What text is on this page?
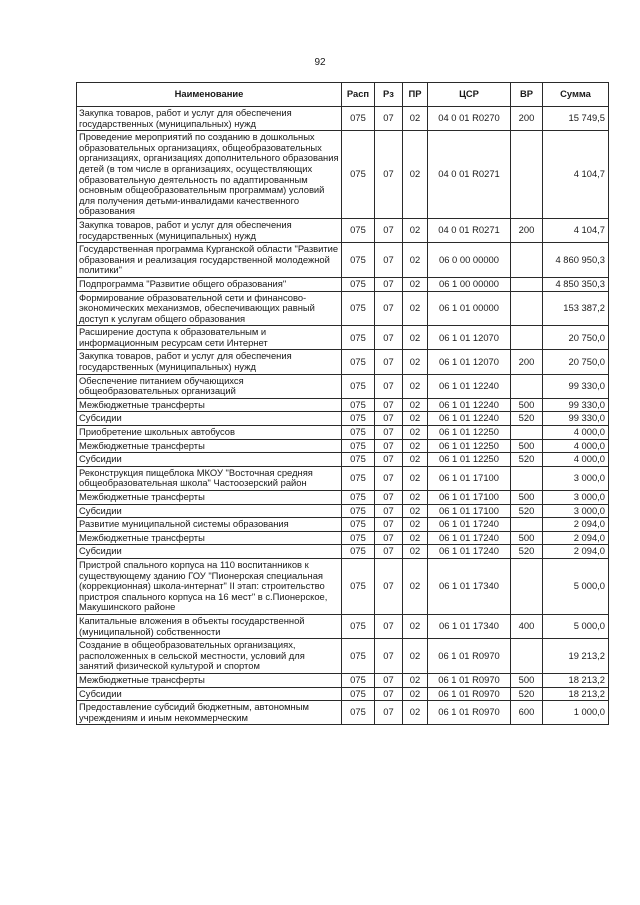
92
Наименование	Расп	Рз	ПР	ЦСР	ВР	Сумма
Закупка товаров, работ и услуг для обеспечения государственных (муниципальных) нужд	075	07	02	04 0 01 R0270	200	15 749,5
Проведение мероприятий по созданию в дошкольных образовательных организациях, общеобразовательных организациях, организациях дополнительного образования детей (в том числе в организациях, осуществляющих образовательную деятельность по адаптированным основным общеобразовательным программам) условий для получения детьми-инвалидами качественного образования	075	07	02	04 0 01 R0271		4 104,7
Закупка товаров, работ и услуг для обеспечения государственных (муниципальных) нужд	075	07	02	04 0 01 R0271	200	4 104,7
Государственная программа Курганской области "Развитие образования и реализация государственной молодежной политики"	075	07	02	06 0 00 00000		4 860 950,3
Подпрограмма "Развитие общего образования"	075	07	02	06 1 00 00000		4 850 350,3
Формирование образовательной сети и финансово-экономических механизмов, обеспечивающих равный доступ к услугам общего образования	075	07	02	06 1 01 00000		153 387,2
Расширение доступа к образовательным и информационным ресурсам сети Интернет	075	07	02	06 1 01 12070		20 750,0
Закупка товаров, работ и услуг для обеспечения государственных (муниципальных) нужд	075	07	02	06 1 01 12070	200	20 750,0
Обеспечение питанием обучающихся общеобразовательных организаций	075	07	02	06 1 01 12240		99 330,0
Межбюджетные трансферты	075	07	02	06 1 01 12240	500	99 330,0
Субсидии	075	07	02	06 1 01 12240	520	99 330,0
Приобретение школьных автобусов	075	07	02	06 1 01 12250		4 000,0
Межбюджетные трансферты	075	07	02	06 1 01 12250	500	4 000,0
Субсидии	075	07	02	06 1 01 12250	520	4 000,0
Реконструкция пищеблока МКОУ "Восточная средняя общеобразовательная школа" Частоозерский район	075	07	02	06 1 01 17100		3 000,0
Межбюджетные трансферты	075	07	02	06 1 01 17100	500	3 000,0
Субсидии	075	07	02	06 1 01 17100	520	3 000,0
Развитие муниципальной системы образования	075	07	02	06 1 01 17240		2 094,0
Межбюджетные трансферты	075	07	02	06 1 01 17240	500	2 094,0
Субсидии	075	07	02	06 1 01 17240	520	2 094,0
Пристрой спального корпуса на 110 воспитанников к существующему зданию ГОУ "Пионерская специальная (коррекционная) школа-интернат" II этап: строительство пристроя спального корпуса на 16 мест" в с.Пионерское, Макушинского районе	075	07	02	06 1 01 17340		5 000,0
Капитальные вложения в объекты государственной (муниципальной) собственности	075	07	02	06 1 01 17340	400	5 000,0
Создание в общеобразовательных организациях, расположенных в сельской местности, условий для занятий физической культурой и спортом	075	07	02	06 1 01 R0970		19 213,2
Межбюджетные трансферты	075	07	02	06 1 01 R0970	500	18 213,2
Субсидии	075	07	02	06 1 01 R0970	520	18 213,2
Предоставление субсидий бюджетным, автономным учреждениям и иным некоммерческим	075	07	02	06 1 01 R0970	600	1 000,0
